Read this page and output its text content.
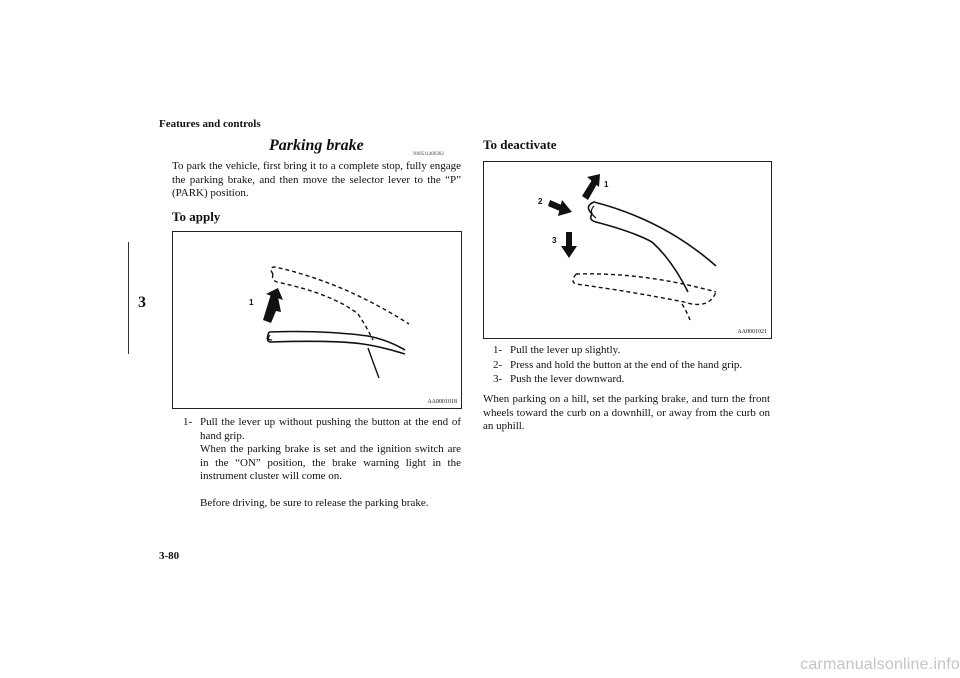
Features and controls
3
Parking brake
N00511400302
To park the vehicle, first bring it to a complete stop, fully engage the parking brake, and then move the selector lever to the “P” (PARK) position.
To apply
1
AA0001018
1- Pull the lever up without pushing the button at the end of hand grip.

When the parking brake is set and the ignition switch are in the “ON” position, the brake warning light in the instrument cluster will come on.

Before driving, be sure to release the parking brake.

To deactivate
1
2
3
AA0001021
1- Pull the lever up slightly.
2- Press and hold the button at the end of the hand grip.
3- Push the lever downward.
When parking on a hill, set the parking brake, and turn the front wheels toward the curb on a downhill, or away from the curb on an uphill.
3-80
carmanualsonline.info
